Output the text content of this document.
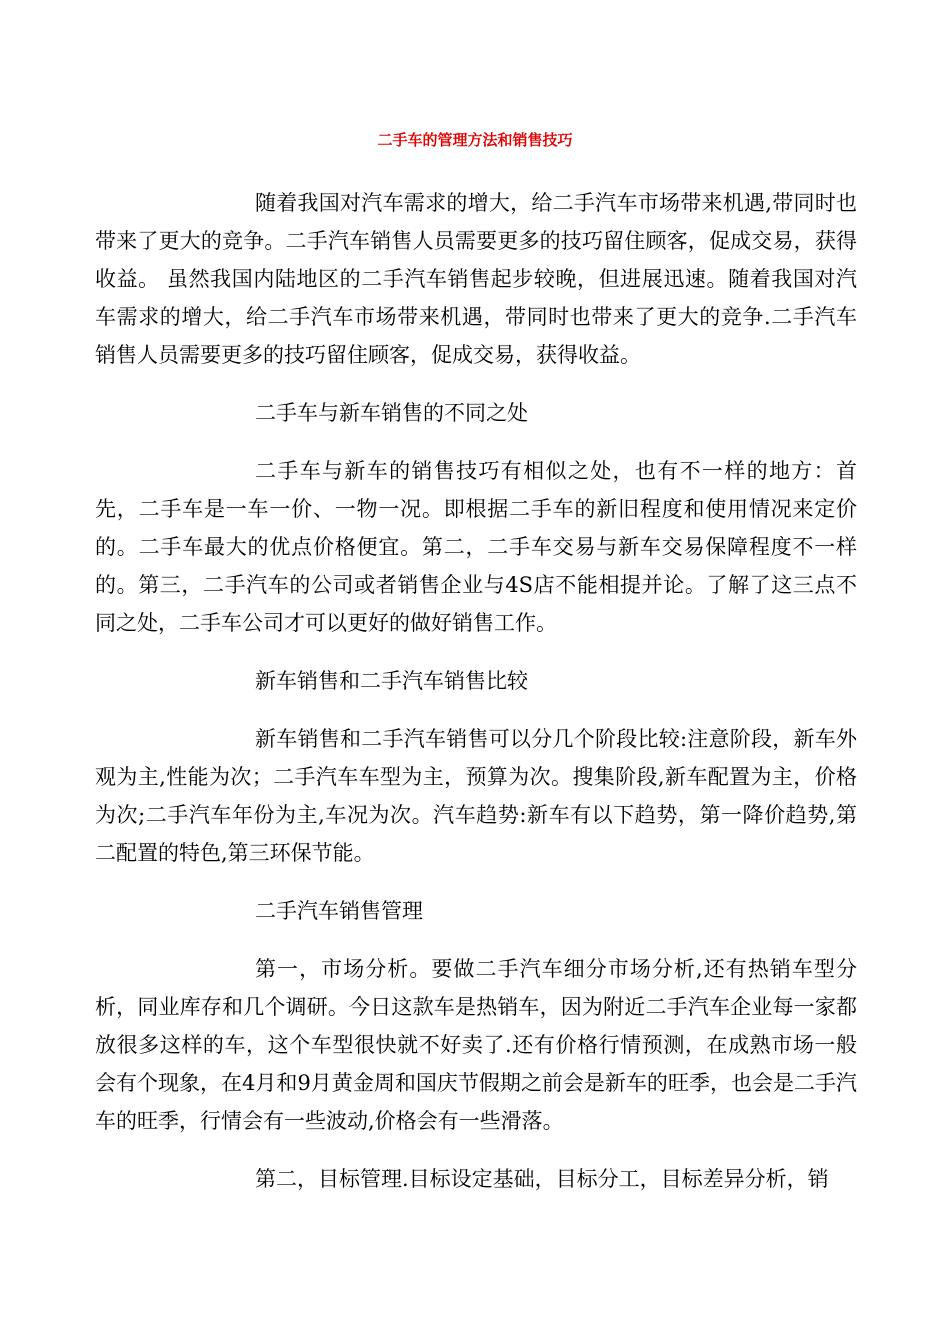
二手车的管理方法和销售技巧

随着我国对汽车需求的增大，给二手汽车市场带来机遇,带同时也带来了更大的竞争。二手汽车销售人员需要更多的技巧留住顾客，促成交易，获得收益。 虽然我国内陆地区的二手汽车销售起步较晚，但进展迅速。随着我国对汽车需求的增大，给二手汽车市场带来机遇，带同时也带来了更大的竞争.二手汽车销售人员需要更多的技巧留住顾客，促成交易，获得收益。

二手车与新车销售的不同之处

二手车与新车的销售技巧有相似之处，也有不一样的地方：首先，二手车是一车一价、一物一况。即根据二手车的新旧程度和使用情况来定价的。二手车最大的优点价格便宜。第二，二手车交易与新车交易保障程度不一样的。第三，二手汽车的公司或者销售企业与4S店不能相提并论。了解了这三点不同之处，二手车公司才可以更好的做好销售工作。

新车销售和二手汽车销售比较

新车销售和二手汽车销售可以分几个阶段比较:注意阶段，新车外观为主,性能为次；二手汽车车型为主，预算为次。搜集阶段,新车配置为主，价格为次;二手汽车年份为主,车况为次。汽车趋势:新车有以下趋势，第一降价趋势,第二配置的特色,第三环保节能。

二手汽车销售管理

第一，市场分析。要做二手汽车细分市场分析,还有热销车型分析，同业库存和几个调研。今日这款车是热销车，因为附近二手汽车企业每一家都放很多这样的车，这个车型很快就不好卖了.还有价格行情预测，在成熟市场一般会有个现象，在4月和9月黄金周和国庆节假期之前会是新车的旺季，也会是二手汽车的旺季，行情会有一些波动,价格会有一些滑落。

第二，目标管理.目标设定基础，目标分工，目标差异分析，销
